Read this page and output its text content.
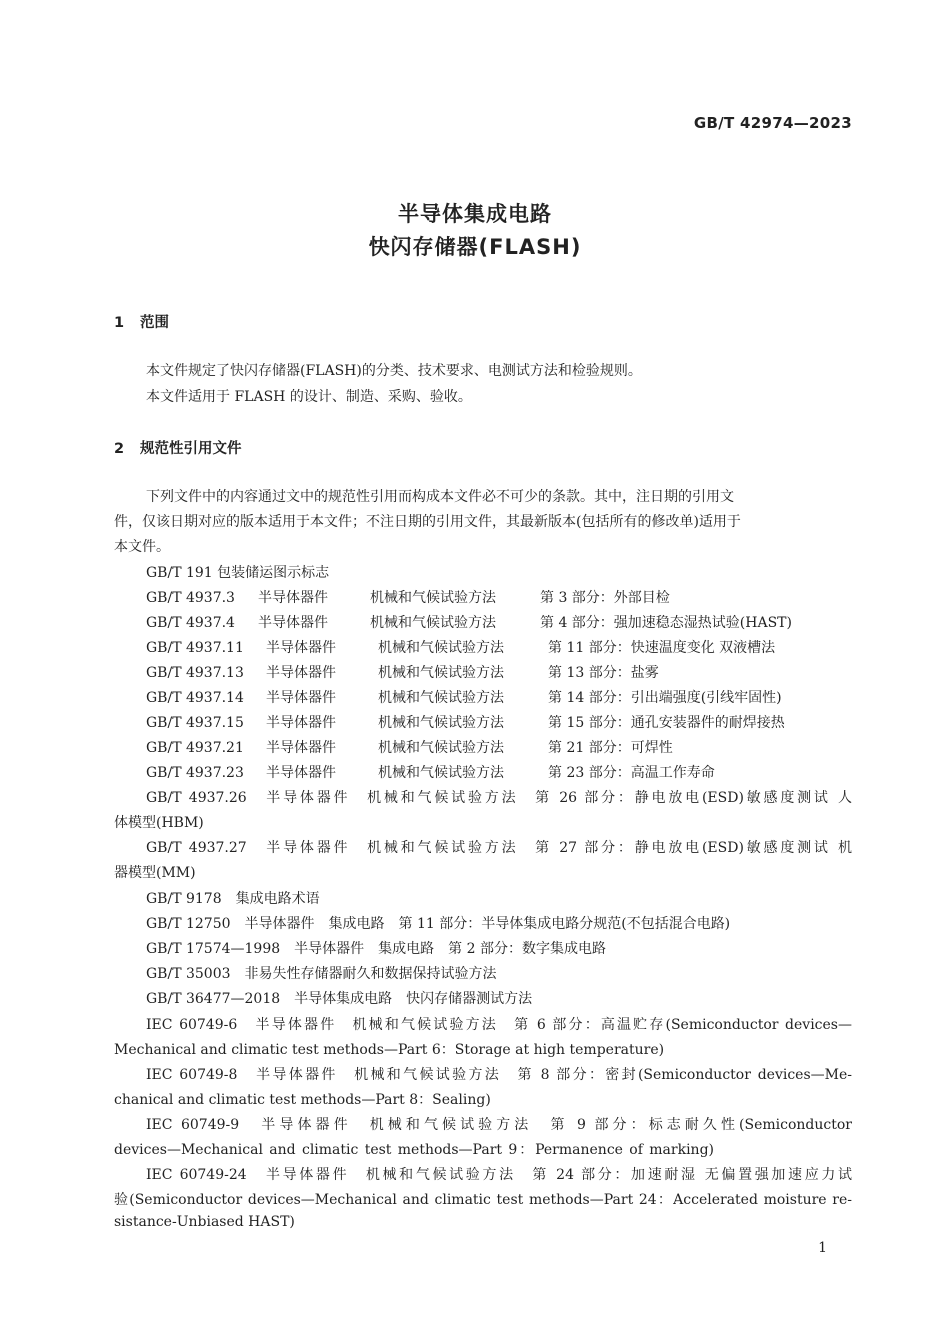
GB/T 42974—2023
半导体集成电路
快闪存储器(FLASH)
1 范围
本文件规定了快闪存储器(FLASH)的分类、技术要求、电测试方法和检验规则。
本文件适用于 FLASH 的设计、制造、采购、验收。
2 规范性引用文件
下列文件中的内容通过文中的规范性引用而构成本文件必不可少的条款。其中，注日期的引用文
件，仅该日期对应的版本适用于本文件；不注日期的引用文件，其最新版本(包括所有的修改单)适用于
本文件。
GB/T 191 包装储运图示标志
GB/T 4937.3 半导体器件	机械和气候试验方法	第 3 部分：外部目检
GB/T 4937.4 半导体器件	机械和气候试验方法	第 4 部分：强加速稳态湿热试验(HAST)
GB/T 4937.11 半导体器件	机械和气候试验方法	第 11 部分：快速温度变化 双液槽法
GB/T 4937.13 半导体器件	机械和气候试验方法	第 13 部分：盐雾
GB/T 4937.14 半导体器件	机械和气候试验方法	第 14 部分：引出端强度(引线牢固性)
GB/T 4937.15 半导体器件	机械和气候试验方法	第 15 部分：通孔安装器件的耐焊接热
GB/T 4937.21 半导体器件	机械和气候试验方法	第 21 部分：可焊性
GB/T 4937.23 半导体器件	机械和气候试验方法	第 23 部分：高温工作寿命
GB/T 4937.26　半导体器件　机械和气候试验方法　第 26 部分：静电放电(ESD)敏感度测试 人
体模型(HBM)
GB/T 4937.27　半导体器件　机械和气候试验方法　第 27 部分：静电放电(ESD)敏感度测试 机
器模型(MM)
GB/T 9178　集成电路术语
GB/T 12750　半导体器件　集成电路　第 11 部分：半导体集成电路分规范(不包括混合电路)
GB/T 17574—1998　半导体器件　集成电路　第 2 部分：数字集成电路
GB/T 35003　非易失性存储器耐久和数据保持试验方法
GB/T 36477—2018　半导体集成电路　快闪存储器测试方法
IEC 60749-6　半导体器件　机械和气候试验方法　第 6 部分：高温贮存(Semiconductor devices—
Mechanical and climatic test methods—Part 6：Storage at high temperature)
IEC 60749-8　半导体器件　机械和气候试验方法　第 8 部分：密封(Semiconductor devices—Me-
chanical and climatic test methods—Part 8：Sealing)
IEC 60749-9　半导体器件　机械和气候试验方法　第 9 部分：标志耐久性(Semiconductor
devices—Mechanical and climatic test methods—Part 9：Permanence of marking)
IEC 60749-24　半导体器件　机械和气候试验方法　第 24 部分：加速耐湿 无偏置强加速应力试
验(Semiconductor devices—Mechanical and climatic test methods—Part 24：Accelerated moisture re-
sistance-Unbiased HAST)
1
